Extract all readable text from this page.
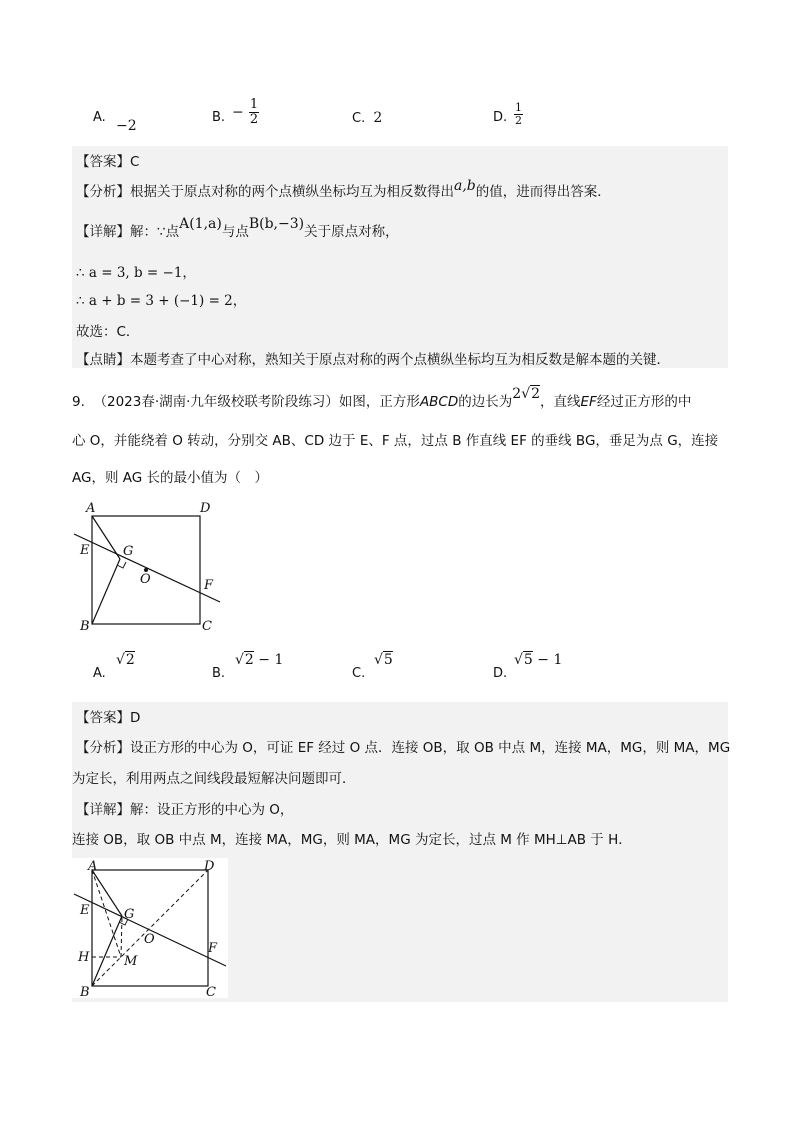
A.
−2
B. − $\frac{1}{2}$	C. 2	D. $\frac{1}{2}$
【答案】C
【分析】根据关于原点对称的两个点横纵坐标均互为相反数得出a,b的值，进而得出答案．
【详解】解：∵点A(1,a)与点B(b,−3)关于原点对称，
∴ a = 3, b = −1，
∴ a + b = 3 + (−1) = 2，
故选：C．
【点睛】本题考查了中心对称，熟知关于原点对称的两个点横纵坐标均互为相反数是解本题的关键．
9. （2023春·湖南·九年级校联考阶段练习）如图，正方形ABCD的边长为2√2，直线EF经过正方形的中
心 O，并能绕着 O 转动，分别交 AB、CD 边于 E、F 点，过点 B 作直线 EF 的垂线 BG，垂足为点 G，连接
AG，则 AG 长的最小值为（　）
A	D
E	G
O	F
B	C
A.
√2
B.
√2 − 1
C.
√5
D.
√5 − 1
【答案】D
【分析】设正方形的中心为 O，可证 EF 经过 O 点．连接 OB，取 OB 中点 M，连接 MA，MG，则 MA，MG
为定长，利用两点之间线段最短解决问题即可．
【详解】解：设正方形的中心为 O，
连接 OB，取 OB 中点 M，连接 MA，MG，则 MA，MG 为定长，过点 M 作 MH⊥AB 于 H．
A	D
E	G
O
F
H	M
B	C
